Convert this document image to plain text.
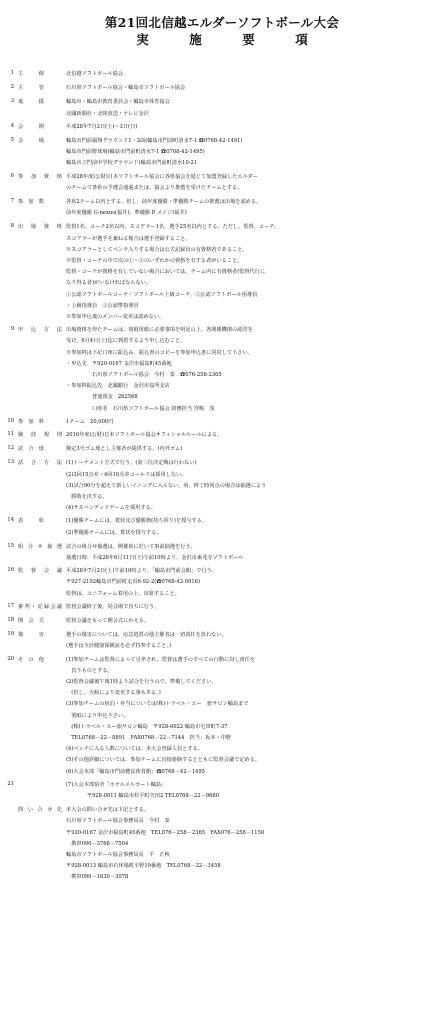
第21回北信越エルダーソフトボール大会
実　施　要　項
1 主　　　催	北信越ソフトボール協会
2 主　　　管	石川県ソフトボール協会・輪島市ソフトボール協会
3 後　　　援	輪島市・輪島市教育委員会・輪島市体育協会
北國新聞社・北陸放送・テレビ金沢
4 会　　　期	平成28年7月2日(土)～3日(日)
5 会　　　場	輪島市門前風翔グラウンド1・2面(輪島市門前町清水7-1 ☎0768-42-1491)
輪島市門前野球場(輪島市門前町清水7-1 ☎0768-42-1495)
輪島市立門前中学校グラウンド(輪島市門前町清水10-21
6 参加資格 平成28年度(公財)日本ソフトボール協会に各県協会を通じて加盟登録したエルダー
のチームで各県の予選会通過または、協会より推薦を受けたチームとする。
7 参　加　数	各県2チーム以内とする。但し、前年度優勝・準優勝チームの推薦は出場を認める。
前年度優勝 G-nexus(福井)、準優勝 P メイジ(福井)
8 出場資格 監督1名、コーチ2名以内、スコアラー1名、選手25名以内とする。ただし、監督、コーチ、
スコアラーが選手を兼ねる場合は選手登録すること。
※スコアラーとしてベンチ入りする場合は公式記録員の有資格者であること。
※監督・コーチの中で次の①～③のいずれかの資格を有する者がいること。
監督・コーチが資格を有していない場合においては、チーム内に有資格者(監督代行に
なり得る者)がいなければならない。
①公認ソフトボールコーチ・ソフトボール上級コーチ、②公認ソフトボール指導員
・上級指導員　③公認準指導員
※参加申込後のメンバー変更は認めない。
9 申込方法 出場資格を得たチームは、別紙用紙に必要事項を明記の上、各関係機関の認印を
受け、6月4日(土)迄に到着するよう申し込むこと。
※参加料は下記口座に振込み、振込書のコピーを参加申込書に同封して下さい。
・申込先　〒920-0167 金沢市福島町45番地
　　　　　石川県ソフトボール協会　今村　泰　☎076-258-2365
・参加料振込先　北國銀行　金沢市役所支店
　　　　　普通預金　262568
　　　　　口座名　石川県ソフトボール協会 財務担当 宮嶋　茂
10 参　加　料	1チーム　20,000円
11 競技規則 2016年度(公財)日本ソフトボール協会オフィシャルルールによる。
12 試　合　球	検定3号ゴム球とし主催者が提供する。(内外ゴム)
13 試合方法 (1)トーナメント方式で行う。(第三位決定戦は行わない)
(2)3回15点差・4回10点差コールドは採用しない。
(3)試合90分を超えて新しいイニングに入らない。尚、終了時同点の場合は抽選により
　勝敗を決する。
(4)サスペンデッドゲームを採用する。
14 表　　　彰	(1)優勝チームには、賞状及び優勝旗(持ち回り)を授与する。
(2)準優勝チームには、賞状を授与する。
15 組合せ抽選 試合の組合せ抽選は、開催県に於いて事前抽選を行う。
抽選日時：平成28年6月11日(土)午前10時より、金沢市東兆寺ソフトボール
16 監督会議 平成28年7月2日(土)午前10時より、「輪島市門前会館」で行う。
〒927-2192輪島市門前町走出6-92-2(☎0768-42-0916)
監督は、ユニフォーム着用の上、出席すること。
17 審判・記録会議 監督会議終了後、同会場で直ちに行う。
18 開　会　式	監督会議をもって開会式にかえる。
19 傷　　　害	選手の傷害については、応急処置の他主催者は一切責任を負わない。
(選手は全員健康保険証を必ず持参すること。)
20 そ　の　他	(1)参加チームは監督によって引率され、監督は選手のすべての行動に対し責任を
　負うものとする。
(2)監督会議後午後1時より試合を行うので、準備してください。
　(但し、天候により変更する事もある。)
(3)参加チームの宿泊・弁当については(株)トラベル・エー　旅サロン輪島まで
　別紙により申込下さい。
　(株)トラベル・エー旅サロン輪島　〒928-0022 輪島市宅田町7-37
　TEL0768－22－8891　FAX0768－22－7144　担当：坂本・中野
(4)ベンチに入る人数については、本大会登録人員とする。
(5)その他詳細については、参加チームに直接連絡するとともに監督会議で定める。
(6)大会本部「輪島市門前健民体育館」☎0768－42－1495
21	(7)大会本部宿舎「ホテルメルカート輪島」
　　　　〒928-0011 輪島市杉平町矢田2 TEL0768－22－9680
問い合せ先 本大会の問い合せ先は下記とする。
石川県ソフトボール協会事務局長　今村　泰
〒920-0167 金沢市福島町45番地　TEL076－258－2365　FAX076－258－1150
　携帯090－3768－7504
輪島市ソフトボール協会事務局長　平　正秋
〒928-0013 輪島市石休場町平野19番地　TEL0768－22－3458
　携帯090－1630－3078
